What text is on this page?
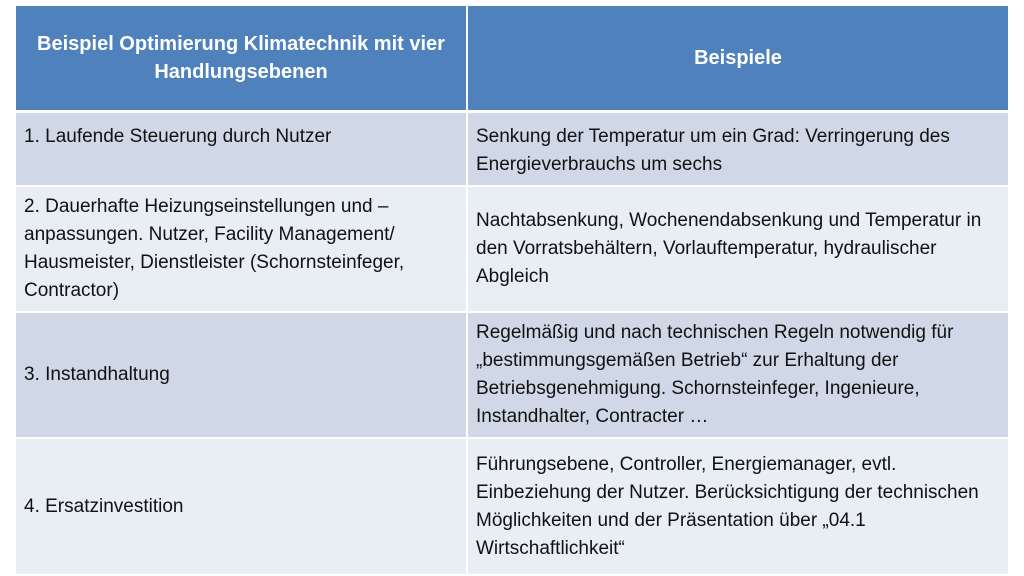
Beispiel Optimierung Klimatechnik mit vier Handlungsebenen	Beispiele
1. Laufende Steuerung durch Nutzer	Senkung der Temperatur um ein Grad: Verringerung des Energieverbrauchs um sechs
2. Dauerhafte Heizungseinstellungen und –anpassungen. Nutzer, Facility Management/ Hausmeister, Dienstleister (Schornsteinfeger, Contractor)	Nachtabsenkung, Wochenendabsenkung und Temperatur in den Vorratsbehältern, Vorlauftemperatur, hydraulischer Abgleich
3. Instandhaltung	Regelmäßig und nach technischen Regeln notwendig für „bestimmungsgemäßen Betrieb“ zur Erhaltung der Betriebsgenehmigung. Schornsteinfeger, Ingenieure, Instandhalter, Contracter …
4. Ersatzinvestition	Führungsebene, Controller, Energiemanager, evtl. Einbeziehung der Nutzer. Berücksichtigung der technischen Möglichkeiten und der Präsentation über „04.1 Wirtschaftlichkeit“
